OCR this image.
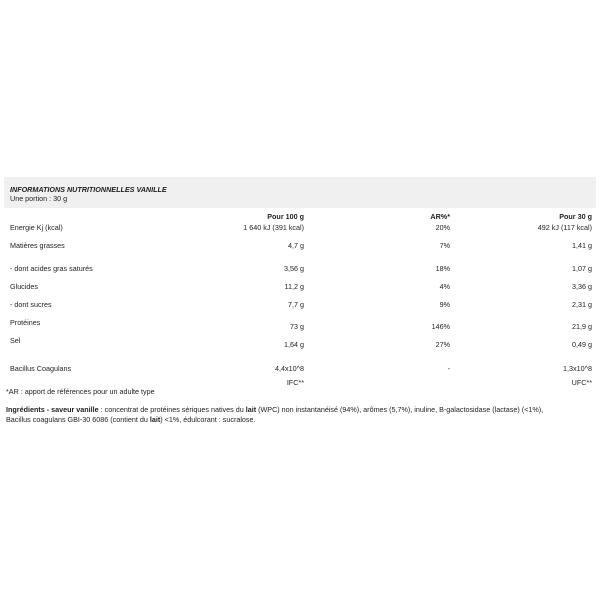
INFORMATIONS NUTRITIONNELLES VANILLE
Une portion : 30 g
	Pour 100 g	AR%*	Pour 30 g
Energie Kj (kcal)	1 640 kJ (391 kcal)	20%	492 kJ (117 kcal)
Matières grasses	4,7 g	7%	1,41 g
- dont acides gras saturés	3,56 g	18%	1,07 g
Glucides	11,2 g	4%	3,36 g
- dont sucres	7,7 g	9%	2,31 g
Protéines	73 g	146%	21,9 g
Sel	1,64 g	27%	0,49 g
Bacillus Coagulans	4,4x10^8	-	1,3x10^8
	IFC**		UFC**
*AR : apport de références pour un adulte type
Ingrédients - saveur vanille : concentrat de protéines sériques natives du lait (WPC) non instantanéisé (94%), arômes (5,7%), inuline, B-galactosidase (lactase) (<1%),
Bacillus coagulans GBI-30 6086 (contient du lait) <1%, édulcorant : sucralose.
